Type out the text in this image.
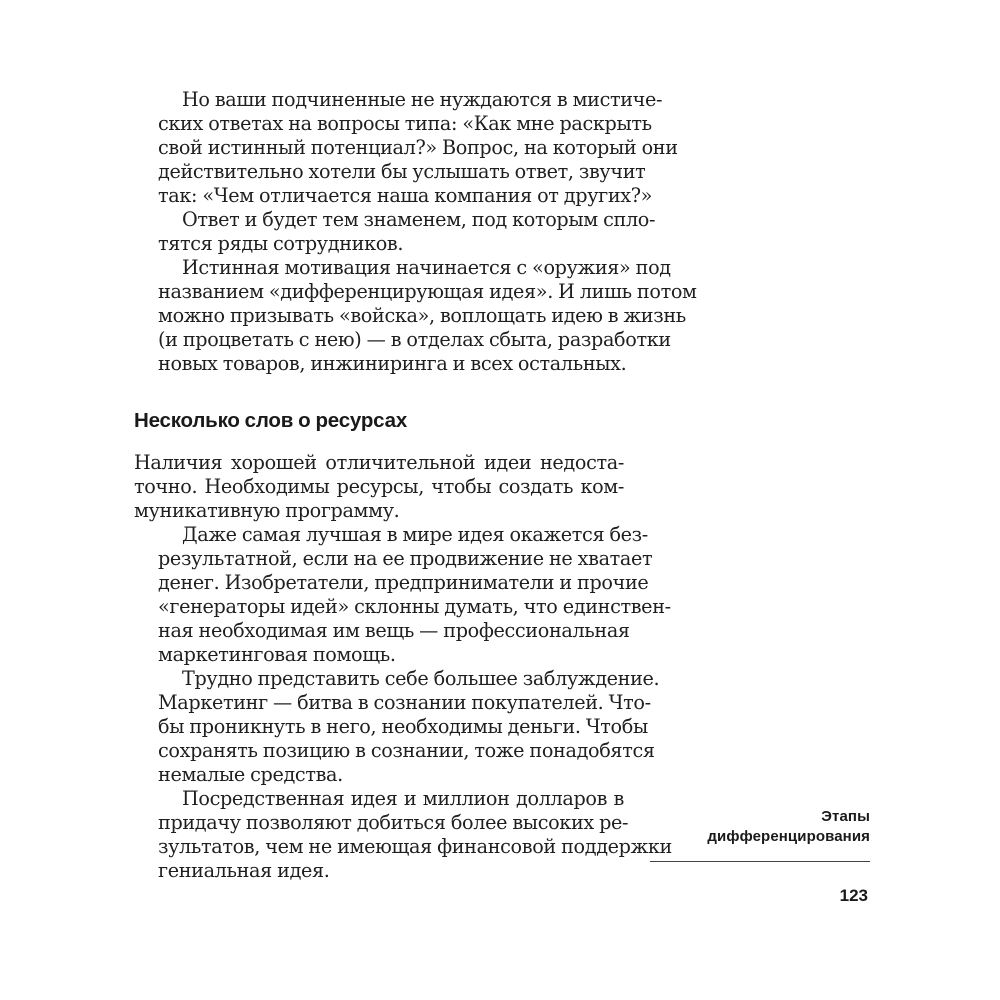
Но ваши подчиненные не нуждаются в мистиче-
ских ответах на вопросы типа: «Как мне раскрыть
свой истинный потенциал?» Вопрос, на который они
действительно хотели бы услышать ответ, звучит
так: «Чем отличается наша компания от других?»
Ответ и будет тем знаменем, под которым спло-
тятся ряды сотрудников.
Истинная мотивация начинается с «оружия» под
названием «дифференцирующая идея». И лишь потом
можно призывать «войска», воплощать идею в жизнь
(и процветать с нею) — в отделах сбыта, разработки
новых товаров, инжиниринга и всех остальных.
Несколько слов о ресурсах
Наличия хорошей отличительной идеи недоста-
точно. Необходимы ресурсы, чтобы создать ком-
муникативную программу.
Даже самая лучшая в мире идея окажется без-
результатной, если на ее продвижение не хватает
денег. Изобретатели, предприниматели и прочие
«генераторы идей» склонны думать, что единствен-
ная необходимая им вещь — профессиональная
маркетинговая помощь.
Трудно представить себе большее заблуждение.
Маркетинг — битва в сознании покупателей. Что-
бы проникнуть в него, необходимы деньги. Чтобы
сохранять позицию в сознании, тоже понадобятся
немалые средства.
Посредственная идея и миллион долларов в
придачу позволяют добиться более высоких ре-
зультатов, чем не имеющая финансовой поддержки
гениальная идея.
Этапы
дифференцирования
123
